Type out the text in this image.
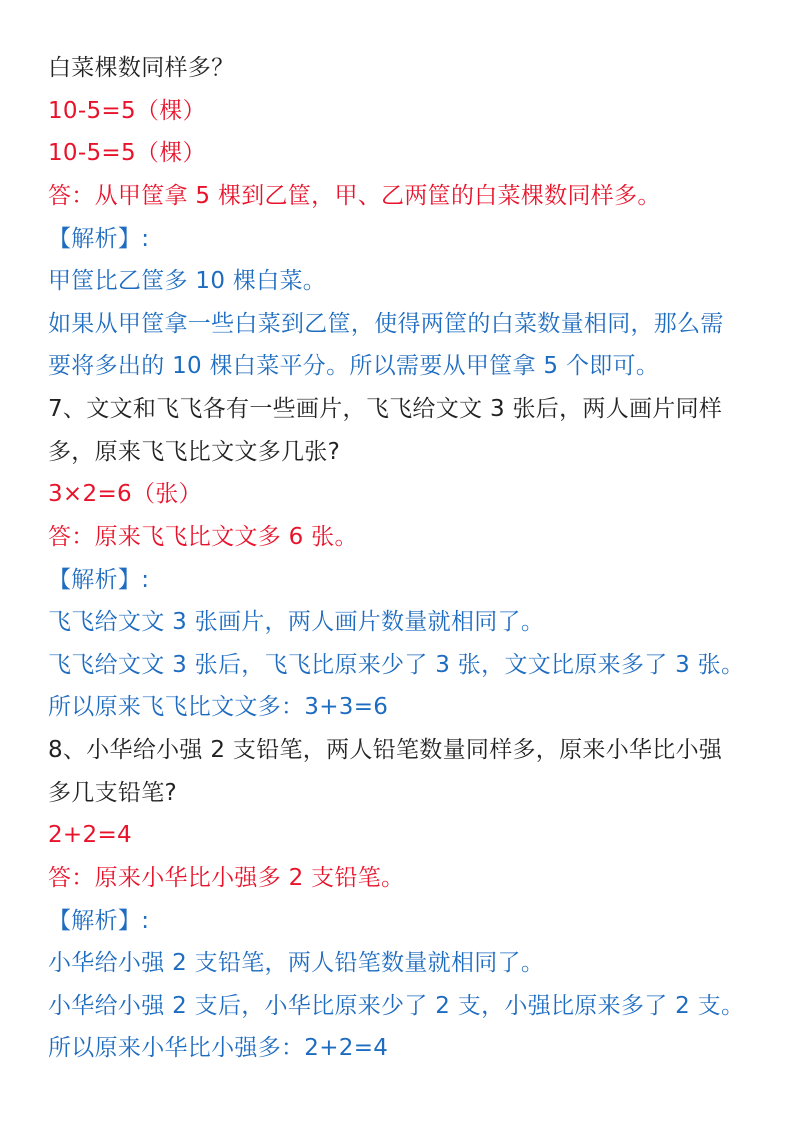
白菜棵数同样多？
10-5=5（棵）
10-5=5（棵）
答：从甲筐拿 5 棵到乙筐，甲、乙两筐的白菜棵数同样多。
【解析】:
甲筐比乙筐多 10 棵白菜。
如果从甲筐拿一些白菜到乙筐，使得两筐的白菜数量相同，那么需
要将多出的 10 棵白菜平分。所以需要从甲筐拿 5 个即可。
7、文文和飞飞各有一些画片，飞飞给文文 3 张后，两人画片同样
多，原来飞飞比文文多几张?
3×2=6（张）
答：原来飞飞比文文多 6 张。
【解析】:
飞飞给文文 3 张画片，两人画片数量就相同了。
飞飞给文文 3 张后，飞飞比原来少了 3 张，文文比原来多了 3 张。
所以原来飞飞比文文多：3+3=6
8、小华给小强 2 支铅笔，两人铅笔数量同样多，原来小华比小强
多几支铅笔?
2+2=4
答：原来小华比小强多 2 支铅笔。
【解析】:
小华给小强 2 支铅笔，两人铅笔数量就相同了。
小华给小强 2 支后，小华比原来少了 2 支，小强比原来多了 2 支。
所以原来小华比小强多：2+2=4
